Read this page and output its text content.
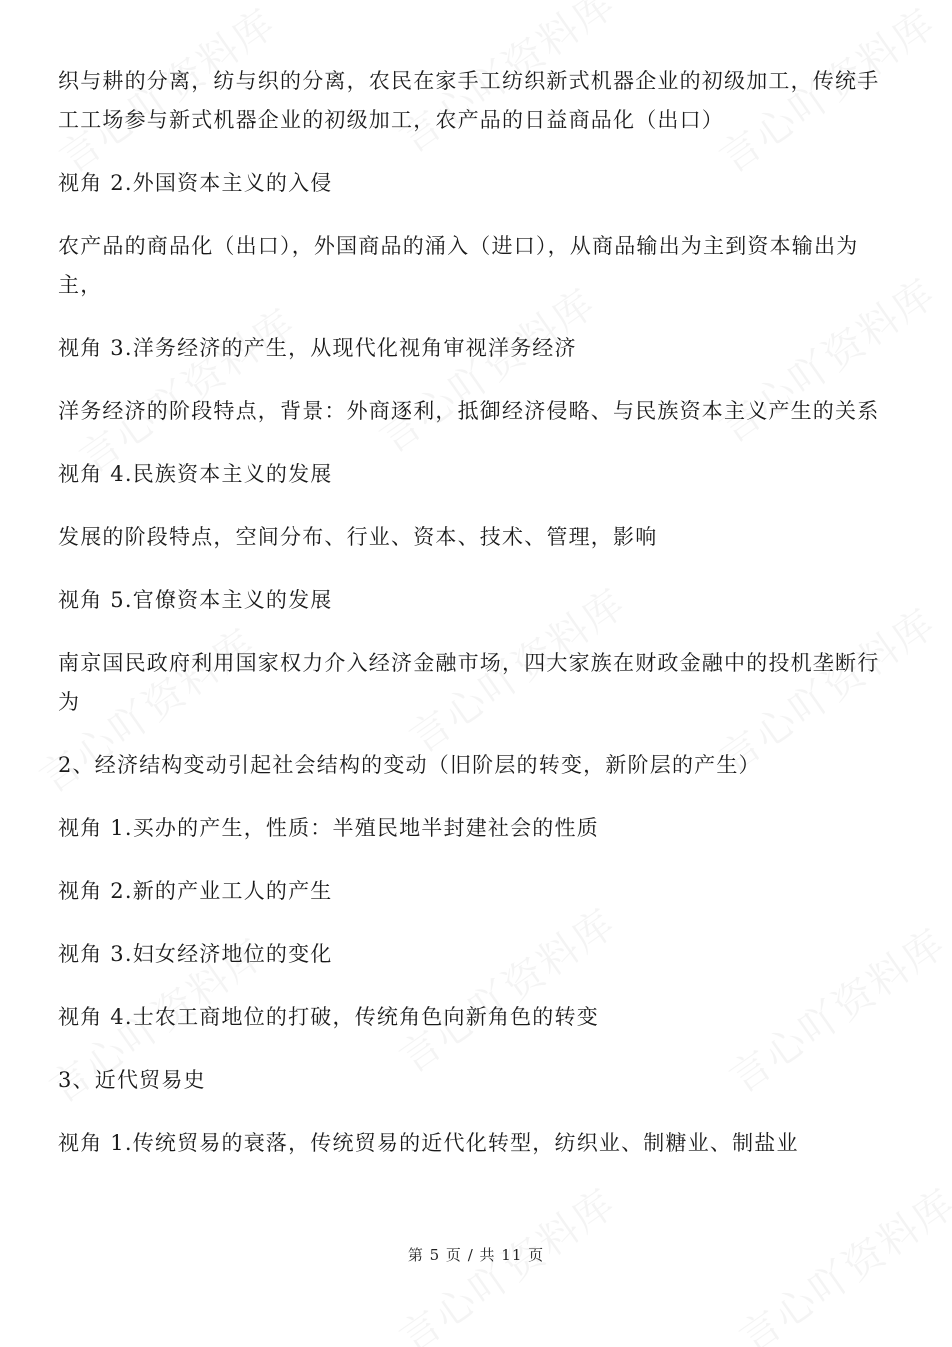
织与耕的分离，纺与织的分离，农民在家手工纺织新式机器企业的初级加工，传统手工工场参与新式机器企业的初级加工，农产品的日益商品化（出口）

视角 2.外国资本主义的入侵

农产品的商品化（出口），外国商品的涌入（进口），从商品输出为主到资本输出为主，

视角 3.洋务经济的产生，从现代化视角审视洋务经济

洋务经济的阶段特点，背景：外商逐利，抵御经济侵略、与民族资本主义产生的关系

视角 4.民族资本主义的发展

发展的阶段特点，空间分布、行业、资本、技术、管理，影响

视角 5.官僚资本主义的发展

南京国民政府利用国家权力介入经济金融市场，四大家族在财政金融中的投机垄断行为

2、经济结构变动引起社会结构的变动（旧阶层的转变，新阶层的产生）

视角 1.买办的产生，性质：半殖民地半封建社会的性质

视角 2.新的产业工人的产生

视角 3.妇女经济地位的变化

视角 4.士农工商地位的打破，传统角色向新角色的转变

3、近代贸易史

视角 1.传统贸易的衰落，传统贸易的近代化转型，纺织业、制糖业、制盐业

第 5 页 / 共 11 页
